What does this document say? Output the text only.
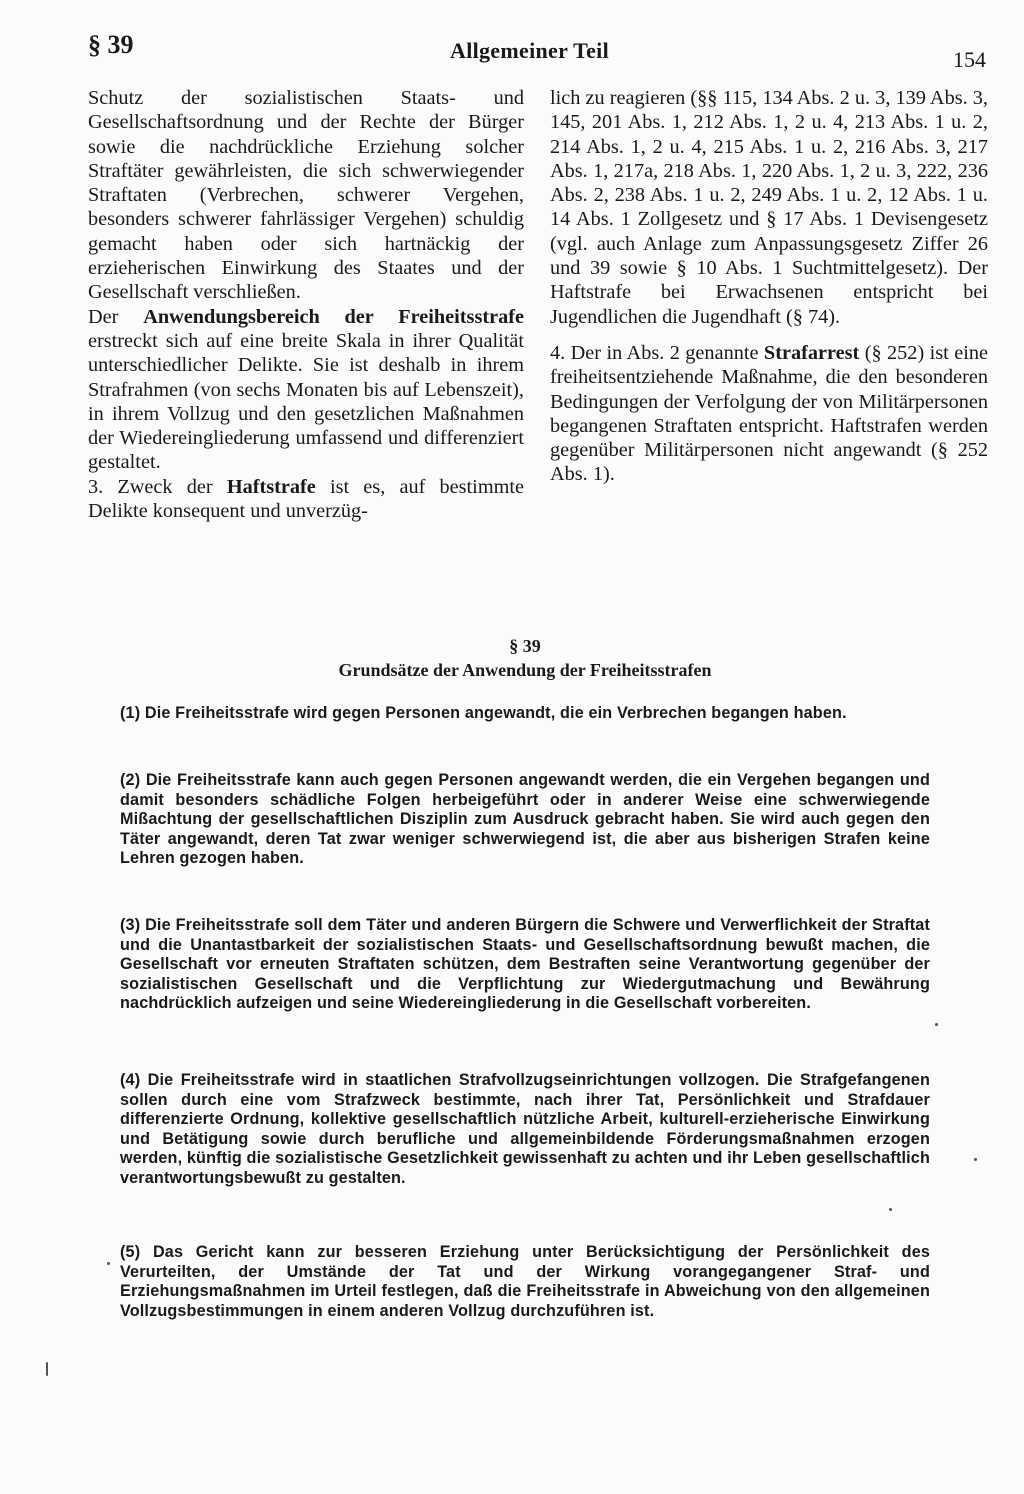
§ 39	Allgemeiner Teil	154

Schutz der sozialistischen Staats- und Gesellschaftsordnung und der Rechte der Bürger sowie die nachdrückliche Erziehung solcher Straftäter gewährleisten, die sich schwerwiegender Straftaten (Verbrechen, schwerer Vergehen, besonders schwerer fahrlässiger Vergehen) schuldig gemacht haben oder sich hartnäckig der erzieherischen Einwirkung des Staates und der Gesellschaft verschließen.

Der Anwendungsbereich der Freiheitsstrafe erstreckt sich auf eine breite Skala in ihrer Qualität unterschiedlicher Delikte. Sie ist deshalb in ihrem Strafrahmen (von sechs Monaten bis auf Lebenszeit), in ihrem Vollzug und den gesetzlichen Maßnahmen der Wiedereingliederung umfassend und differenziert gestaltet.

3. Zweck der Haftstrafe ist es, auf bestimmte Delikte konsequent und unverzüg-

lich zu reagieren (§§ 115, 134 Abs. 2 u. 3, 139 Abs. 3, 145, 201 Abs. 1, 212 Abs. 1, 2 u. 4, 213 Abs. 1 u. 2, 214 Abs. 1, 2 u. 4, 215 Abs. 1 u. 2, 216 Abs. 3, 217 Abs. 1, 217a, 218 Abs. 1, 220 Abs. 1, 2 u. 3, 222, 236 Abs. 2, 238 Abs. 1 u. 2, 249 Abs. 1 u. 2, 12 Abs. 1 u. 14 Abs. 1 Zollgesetz und § 17 Abs. 1 Devisengesetz (vgl. auch Anlage zum Anpassungsgesetz Ziffer 26 und 39 sowie § 10 Abs. 1 Suchtmittelgesetz). Der Haftstrafe bei Erwachsenen entspricht bei Jugendlichen die Jugendhaft (§ 74).

4. Der in Abs. 2 genannte Strafarrest (§ 252) ist eine freiheitsentziehende Maßnahme, die den besonderen Bedingungen der Verfolgung der von Militärpersonen begangenen Straftaten entspricht. Haftstrafen werden gegenüber Militärpersonen nicht angewandt (§ 252 Abs. 1).

§ 39
Grundsätze der Anwendung der Freiheitsstrafen

(1) Die Freiheitsstrafe wird gegen Personen angewandt, die ein Verbrechen begangen haben.

(2) Die Freiheitsstrafe kann auch gegen Personen angewandt werden, die ein Vergehen begangen und damit besonders schädliche Folgen herbeigeführt oder in anderer Weise eine schwerwiegende Mißachtung der gesellschaftlichen Disziplin zum Ausdruck gebracht haben. Sie wird auch gegen den Täter angewandt, deren Tat zwar weniger schwerwiegend ist, die aber aus bisherigen Strafen keine Lehren gezogen haben.

(3) Die Freiheitsstrafe soll dem Täter und anderen Bürgern die Schwere und Verwerflichkeit der Straftat und die Unantastbarkeit der sozialistischen Staats- und Gesellschaftsordnung bewußt machen, die Gesellschaft vor erneuten Straftaten schützen, dem Bestraften seine Verantwortung gegenüber der sozialistischen Gesellschaft und die Verpflichtung zur Wiedergutmachung und Bewährung nachdrücklich aufzeigen und seine Wiedereingliederung in die Gesellschaft vorbereiten.

(4) Die Freiheitsstrafe wird in staatlichen Strafvollzugseinrichtungen vollzogen. Die Strafgefangenen sollen durch eine vom Strafzweck bestimmte, nach ihrer Tat, Persönlichkeit und Strafdauer differenzierte Ordnung, kollektive gesellschaftlich nützliche Arbeit, kulturell-erzieherische Einwirkung und Betätigung sowie durch berufliche und allgemeinbildende Förderungsmaßnahmen erzogen werden, künftig die sozialistische Gesetzlichkeit gewissenhaft zu achten und ihr Leben gesellschaftlich verantwortungsbewußt zu gestalten.

(5) Das Gericht kann zur besseren Erziehung unter Berücksichtigung der Persönlichkeit des Verurteilten, der Umstände der Tat und der Wirkung vorangegangener Straf- und Erziehungsmaßnahmen im Urteil festlegen, daß die Freiheitsstrafe in Abweichung von den allgemeinen Vollzugsbestimmungen in einem anderen Vollzug durchzuführen ist.
